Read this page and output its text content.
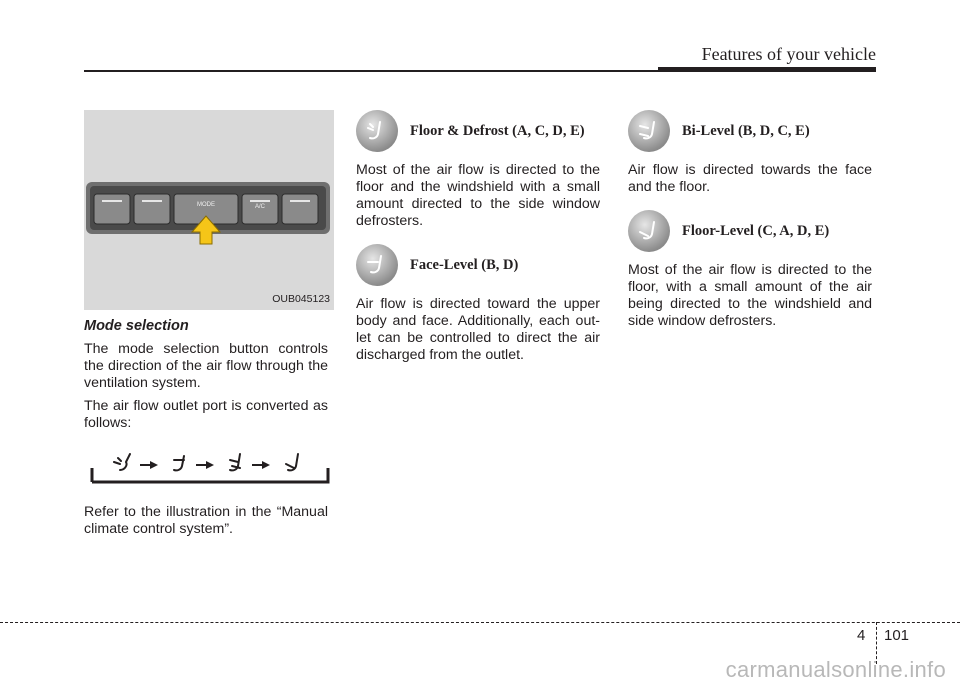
Features of your vehicle
MODE	A/C
OUB045123
Mode selection

The mode selection button controls the direction of the air flow through the ventilation system.

The air flow outlet port is converted as follows:

Refer to the illustration in the “Manual climate control system”.

Floor & Defrost (A, C, D, E)

Most of the air flow is directed to the floor and the windshield with a small amount directed to the side window defrosters.

Face-Level (B, D)

Air flow is directed toward the upper body and face. Additionally, each out-let can be controlled to direct the air discharged from the outlet.

Bi-Level (B, D, C, E)

Air flow is directed towards the face and the floor.

Floor-Level (C, A, D, E)

Most of the air flow is directed to the floor, with a small amount of the air being directed to the windshield and side window defrosters.

4 101
carmanualsonline.info
